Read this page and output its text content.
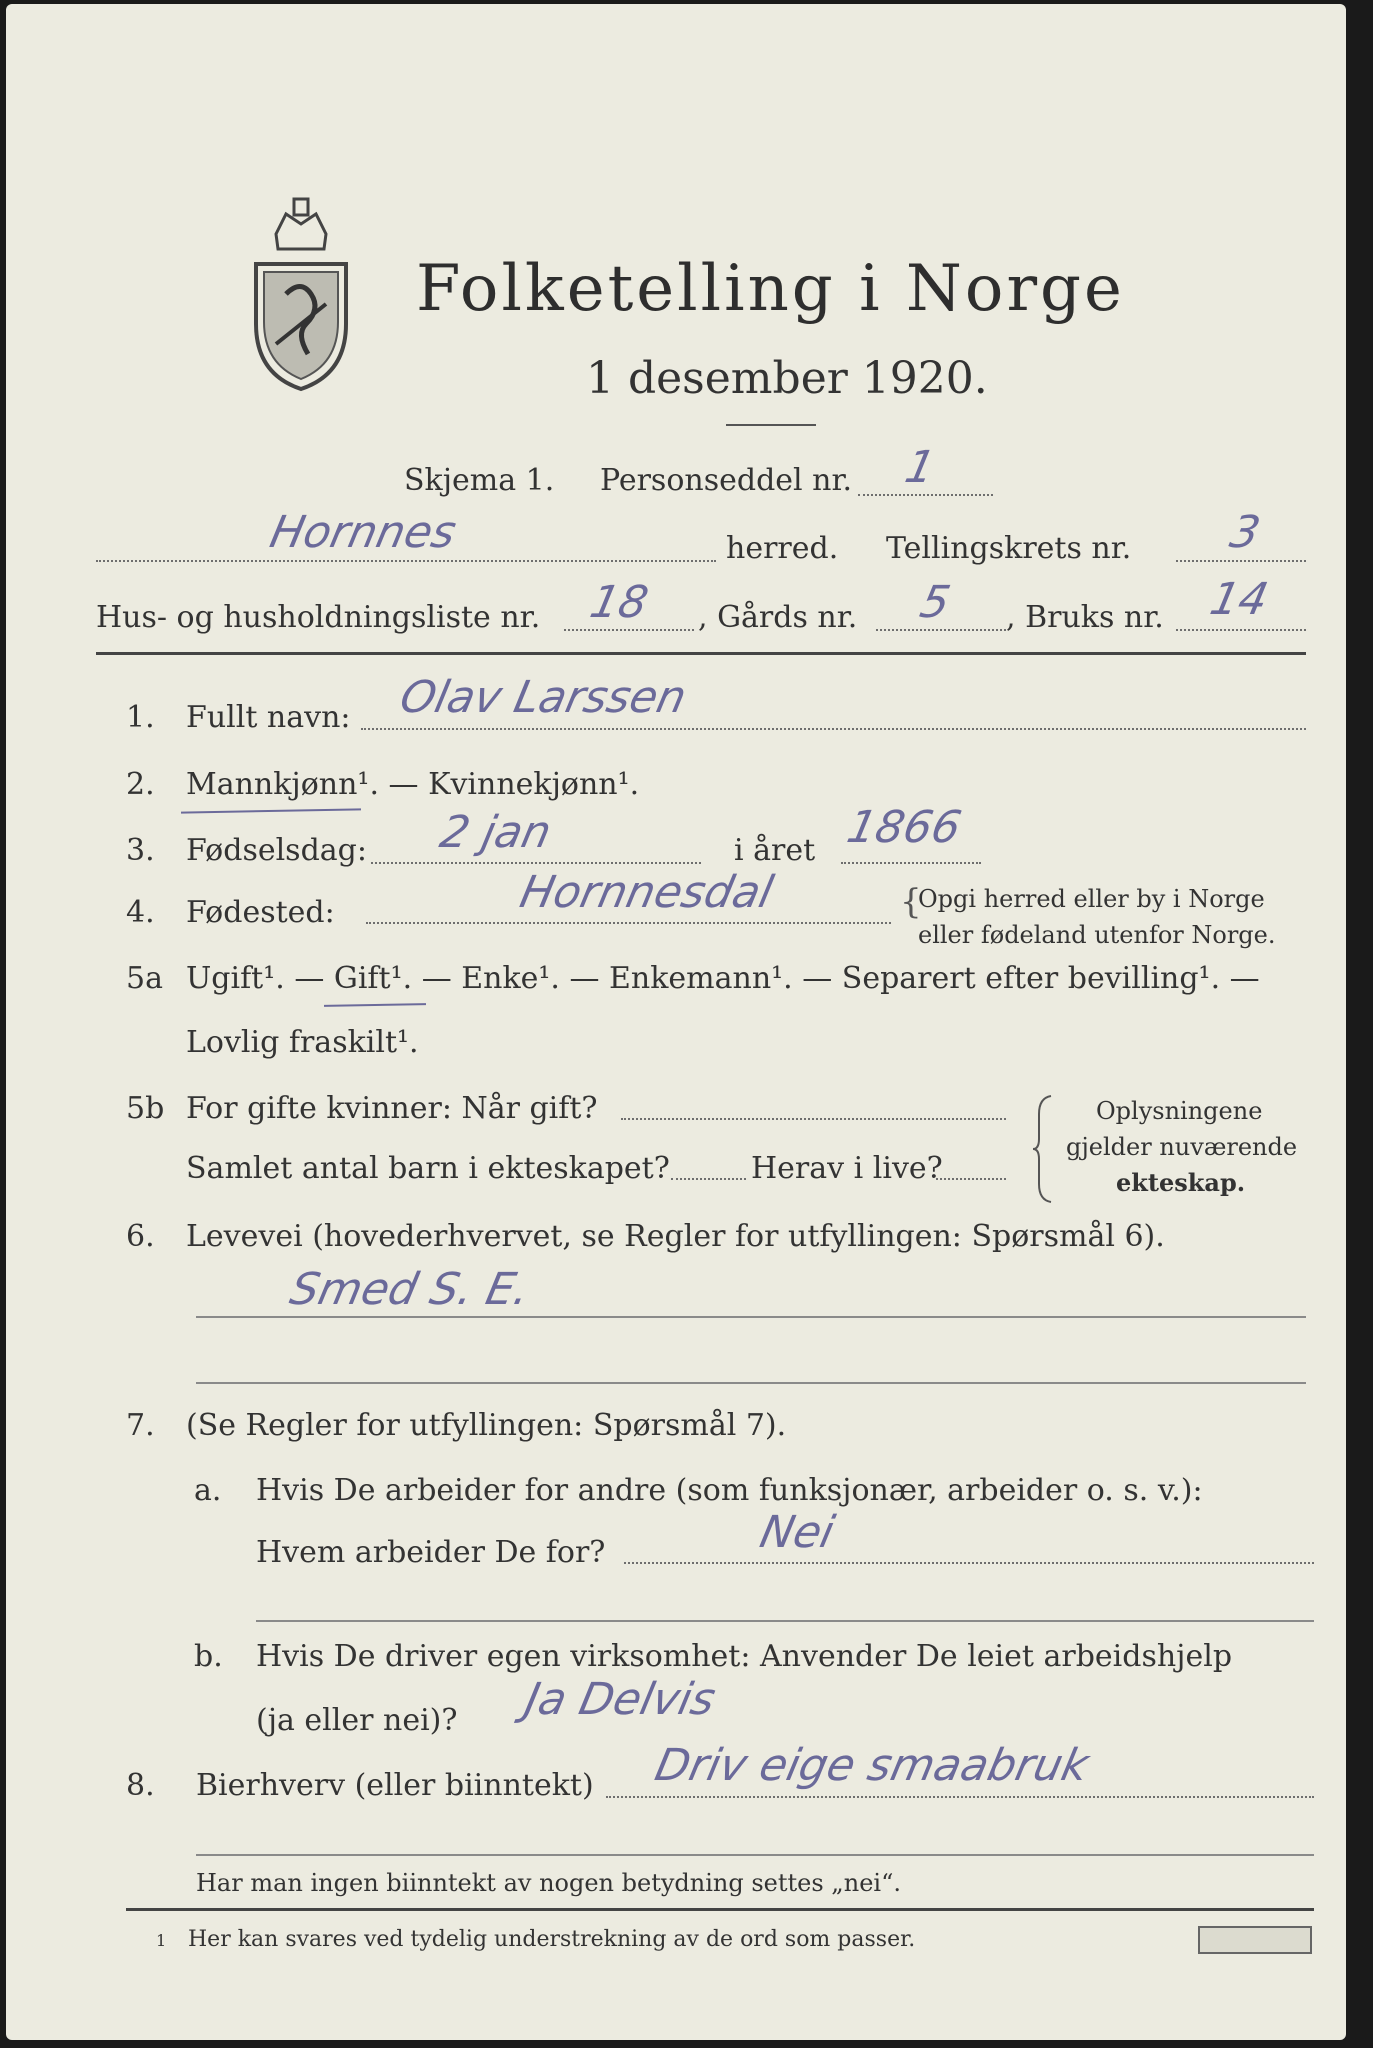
Folketelling i Norge
1 desember 1920.
Skjema 1. Personseddel nr. 1
Hornnes	herred. Tellingskrets nr. 3
Hus- og husholdningsliste nr. 18 , Gårds nr. 5 , Bruks nr. 14
1. Fullt navn: Olav Larssen
2. Mannkjønn¹. — Kvinnekjønn¹.
3. Fødselsdag: 2 jan	i året 1866
4. Fødested:	Hornnesdal	{
Opgi herred eller by i Norge
eller fødeland utenfor Norge.
5a Ugift¹. — Gift¹. — Enke¹. — Enkemann¹. — Separert efter bevilling¹. —
Lovlig fraskilt¹.
5b For gifte kvinner: Når gift?
Samlet antal barn i ekteskapet?	Herav i live?
Oplysningene
gjelder nuværende
ekteskap.
6. Levevei (hovederhvervet, se Regler for utfyllingen: Spørsmål 6).
Smed S. E.
7. (Se Regler for utfyllingen: Spørsmål 7).
a. Hvis De arbeider for andre (som funksjonær, arbeider o. s. v.):
Hvem arbeider De for?	Nei
b. Hvis De driver egen virksomhet: Anvender De leiet arbeidshjelp
(ja eller nei)? Ja Delvis
8. Bierhverv (eller biinntekt) Driv eige smaabruk
Har man ingen biinntekt av nogen betydning settes „nei“.
1 Her kan svares ved tydelig understrekning av de ord som passer.
